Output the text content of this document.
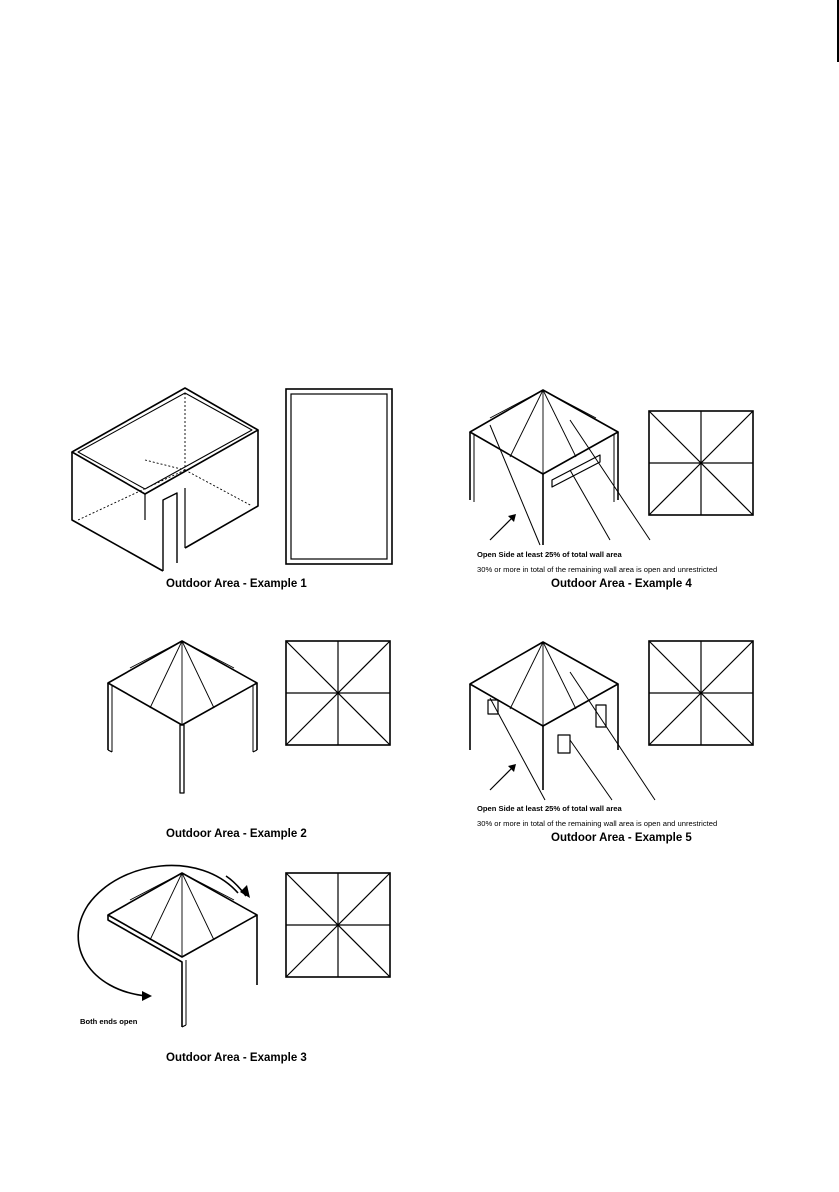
Outdoor Area - Example 1
Outdoor Area - Example 2
Outdoor Area - Example 3
Outdoor Area - Example 4
Outdoor Area - Example 5
Open Side at least 25% of total wall area
30% or more in total of the remaining wall area is open and unrestricted
Open Side at least 25% of total wall area
30% or more in total of the remaining wall area is open and unrestricted
Both ends open
